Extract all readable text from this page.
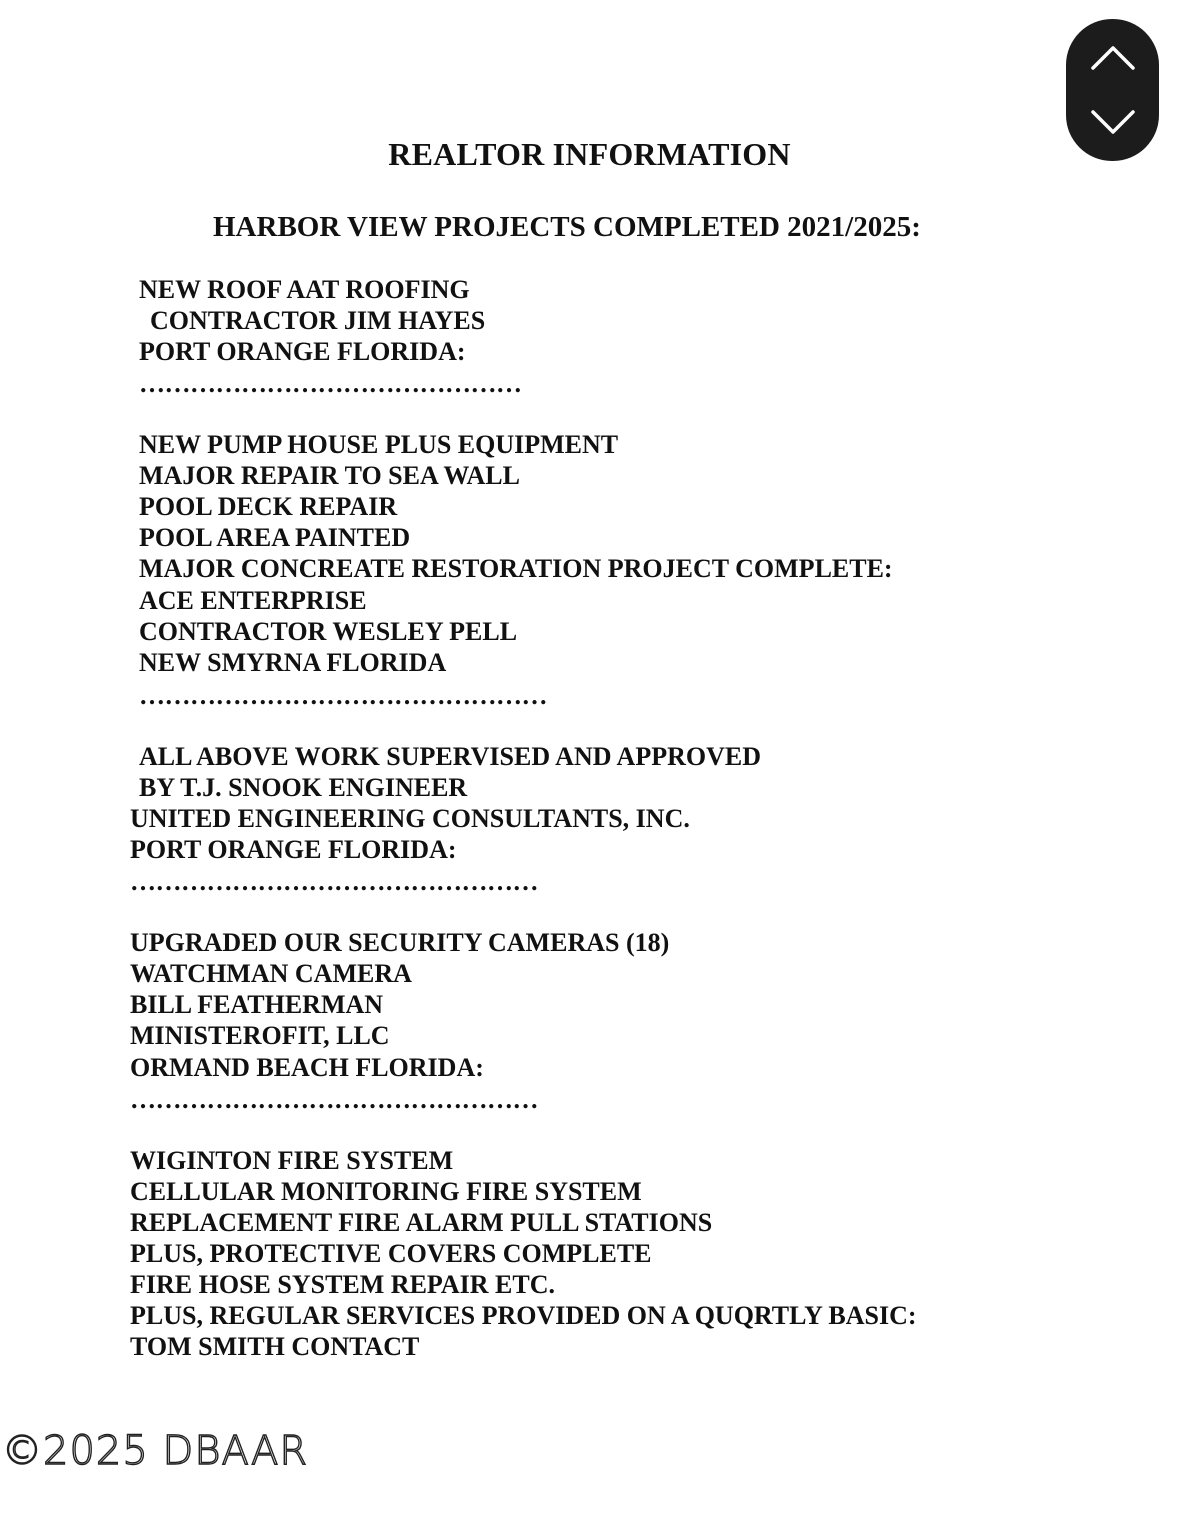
REALTOR INFORMATION
HARBOR VIEW PROJECTS COMPLETED 2021/2025:
NEW ROOF AAT ROOFING
CONTRACTOR JIM HAYES
PORT ORANGE FLORIDA:
………………………………………
NEW PUMP HOUSE PLUS EQUIPMENT
MAJOR REPAIR TO SEA WALL
POOL DECK REPAIR
POOL AREA PAINTED
MAJOR CONCREATE RESTORATION PROJECT COMPLETE:
ACE ENTERPRISE
CONTRACTOR WESLEY PELL
NEW SMYRNA FLORIDA
…………………………………………
ALL ABOVE WORK SUPERVISED AND APPROVED
BY T.J. SNOOK ENGINEER
UNITED ENGINEERING CONSULTANTS, INC.
PORT ORANGE FLORIDA:
…………………………………………
UPGRADED OUR SECURITY CAMERAS (18)
WATCHMAN CAMERA
BILL FEATHERMAN
MINISTEROFIT, LLC
ORMAND BEACH FLORIDA:
…………………………………………
WIGINTON FIRE SYSTEM
CELLULAR MONITORING FIRE SYSTEM
REPLACEMENT FIRE ALARM PULL STATIONS
PLUS, PROTECTIVE COVERS COMPLETE
FIRE HOSE SYSTEM REPAIR ETC.
PLUS, REGULAR SERVICES PROVIDED ON A QUQRTLY BASIC:
TOM SMITH CONTACT
©2025 DBAAR
